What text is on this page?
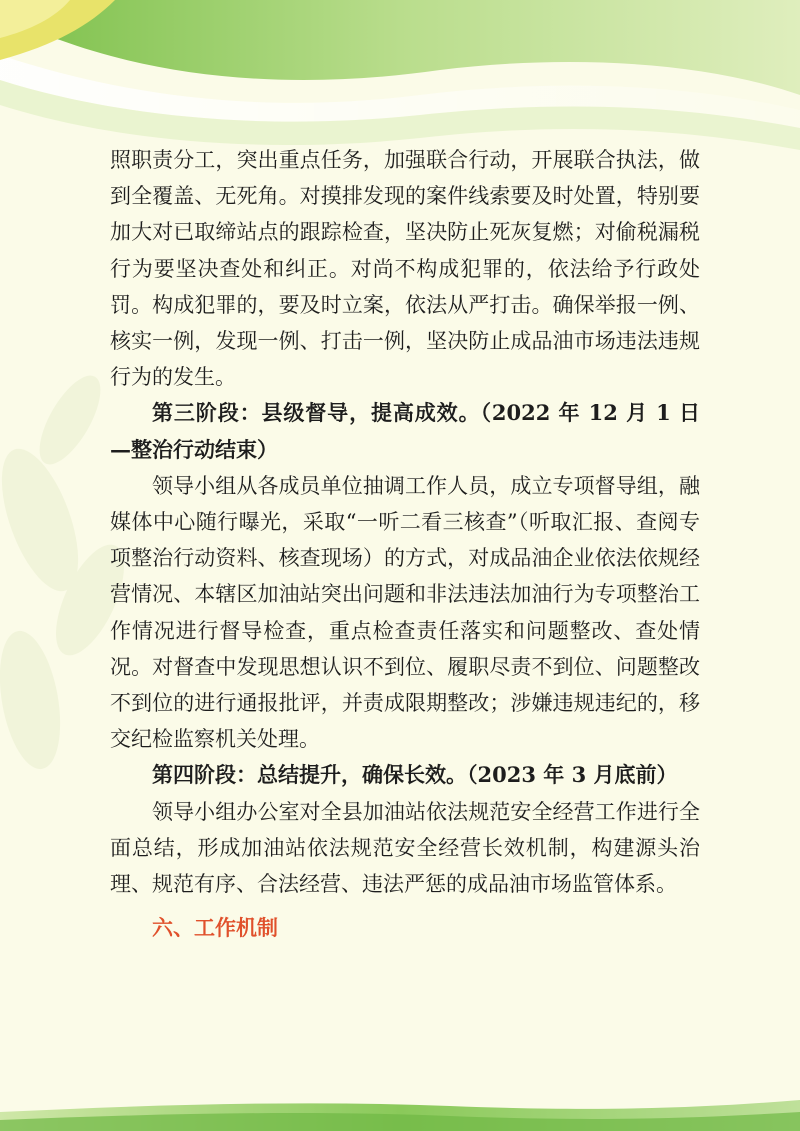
照职责分工，突出重点任务，加强联合行动，开展联合执法，做到全覆盖、无死角。对摸排发现的案件线索要及时处置，特别要加大对已取缔站点的跟踪检查，坚决防止死灰复燃；对偷税漏税行为要坚决查处和纠正。对尚不构成犯罪的，依法给予行政处罚。构成犯罪的，要及时立案，依法从严打击。确保举报一例、核实一例，发现一例、打击一例，坚决防止成品油市场违法违规行为的发生。

第三阶段：县级督导，提高成效。（2022 年 12 月 1 日—整治行动结束）

领导小组从各成员单位抽调工作人员，成立专项督导组，融媒体中心随行曝光，采取“一听二看三核查”（听取汇报、查阅专项整治行动资料、核查现场）的方式，对成品油企业依法依规经营情况、本辖区加油站突出问题和非法违法加油行为专项整治工作情况进行督导检查，重点检查责任落实和问题整改、查处情况。对督查中发现思想认识不到位、履职尽责不到位、问题整改不到位的进行通报批评，并责成限期整改；涉嫌违规违纪的，移交纪检监察机关处理。

第四阶段：总结提升，确保长效。（2023 年 3 月底前）

领导小组办公室对全县加油站依法规范安全经营工作进行全面总结，形成加油站依法规范安全经营长效机制，构建源头治理、规范有序、合法经营、违法严惩的成品油市场监管体系。

六、工作机制
